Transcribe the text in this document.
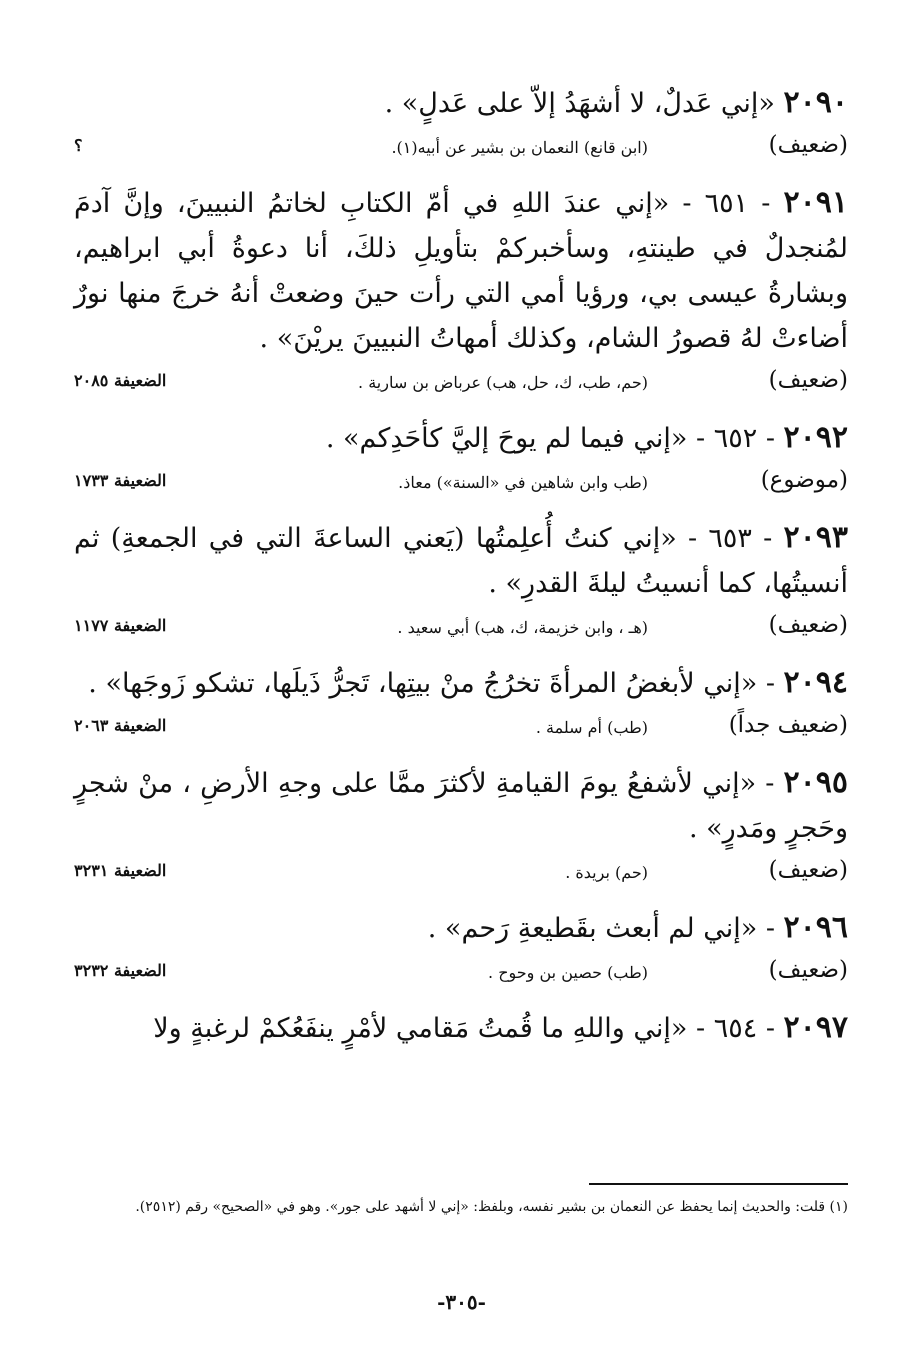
٢٠٩٠ «إني عَدلٌ، لا أشهَدُ إلاّ على عَدلٍ» .
(ضعيف)
(ابن قانع) النعمان بن بشير عن أبيه(١).
؟
٢٠٩١ - ٦٥١ - «إني عندَ اللهِ في أمّ الكتابِ لخاتمُ النبيينَ، وإنَّ آدمَ لمُنجدلٌ في طينتهِ، وسأخبركمْ بتأويلِ ذلكَ، أنا دعوةُ أبي ابراهيم، وبشارةُ عيسى بي، ورؤيا أمي التي رأت حينَ وضعتْ أنهُ خرجَ منها نورٌ أضاءتْ لهُ قصورُ الشام، وكذلك أمهاتُ النبيينَ يريْنَ» .
(ضعيف)
(حم، طب، ك، حل، هب) عرباض بن سارية .
الضعيفة ٢٠٨٥
٢٠٩٢ - ٦٥٢ - «إني فيما لم يوحَ إليَّ كأحَدِكم» .
(موضوع)
(طب وابن شاهين في «السنة») معاذ.
الضعيفة ١٧٣٣
٢٠٩٣ - ٦٥٣ - «إني كنتُ أُعلِمتُها (يَعني الساعةَ التي في الجمعةِ) ثم أنسيتُها، كما أنسيتُ ليلةَ القدرِ» .
(ضعيف)
(هـ ، وابن خزيمة، ك، هب) أبي سعيد .
الضعيفة ١١٧٧
٢٠٩٤ - «إني لأبغضُ المرأةَ تخرُجُ منْ بيتِها، تَجرُّ ذَيلَها، تشكو زَوجَها» .
(ضعيف جداً)
(طب) أم سلمة .
الضعيفة ٢٠٦٣
٢٠٩٥ - «إني لأشفعُ يومَ القيامةِ لأكثرَ ممَّا على وجهِ الأرضِ ، منْ شجرٍ وحَجرٍ ومَدرٍ» .
(ضعيف)
(حم) بريدة .
الضعيفة ٣٢٣١
٢٠٩٦ - «إني لم أبعث بقَطيعةِ رَحم» .
(ضعيف)
(طب) حصين بن وحوح .
الضعيفة ٣٢٣٢
٢٠٩٧ - ٦٥٤ - «إني واللهِ ما قُمتُ مَقامي لأمْرٍ ينفَعُكمْ لرغبةٍ ولا
(١) قلت: والحديث إنما يحفظ عن النعمان بن بشير نفسه، وبلفظ: «إني لا أشهد على جور». وهو في «الصحيح» رقم (٢٥١٢).
-٣٠٥-
